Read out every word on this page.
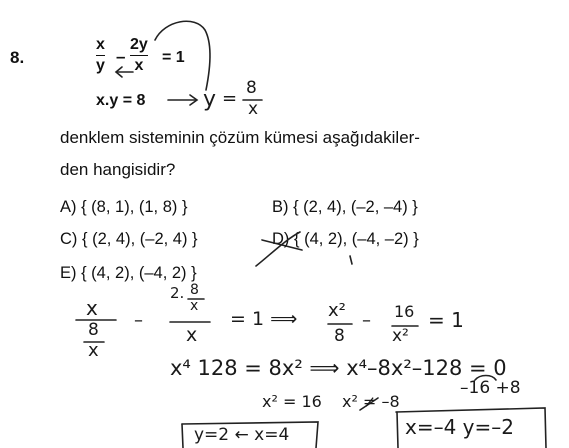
8.
x
y –
2y
x = 1
x.y = 8
denklem sisteminin çözüm kümesi aşağıdakiler-
den hangisidir?
A) { (8, 1), (1, 8) }	B) { (2, 4), (–2, –4) }
C) { (2, 4), (–2, 4) }	D) { (4, 2), (–4, –2) }
E) { (4, 2), (–4, 2) }
y = 8
x
x
8
x
–
2. 8
x
x
= 1 ⟹ x²
8
– 16
x²
= 1
x⁴ 128 = 8x² ⟹ x⁴–8x²–128 = 0
x² = 16 x² ≠ –8
–16 +8
y=2 ← x=4	x=–4 y=–2
